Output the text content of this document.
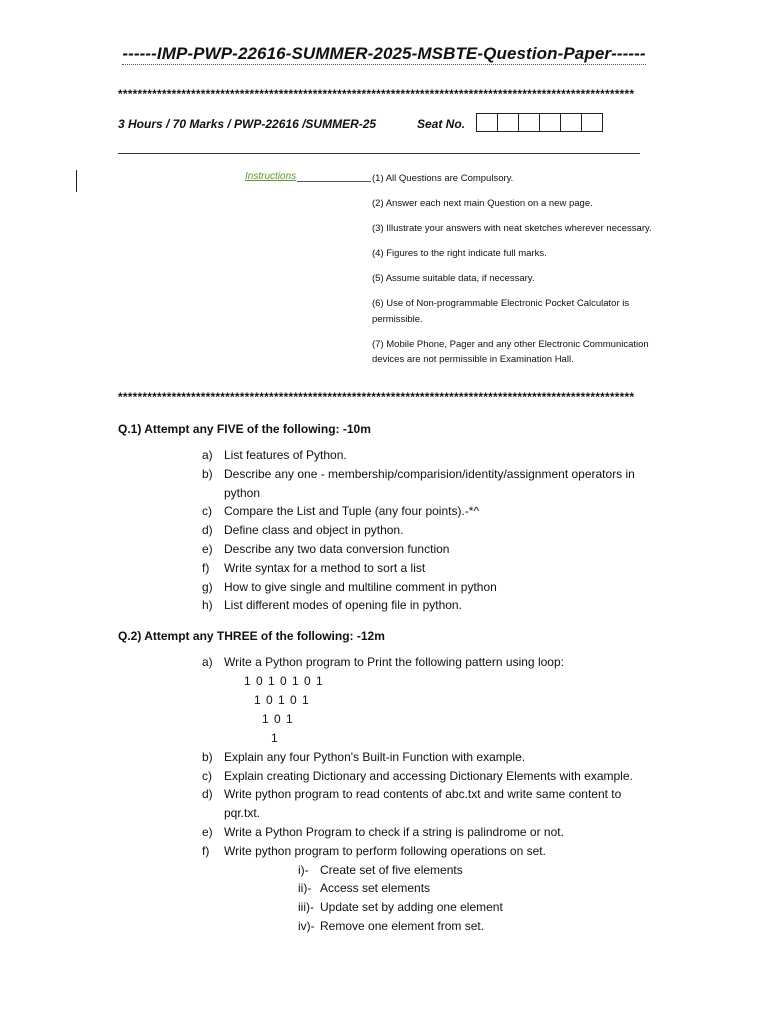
------IMP-PWP-22616-SUMMER-2025-MSBTE-Question-Paper------
**********************************************************************************************************
3 Hours / 70 Marks / PWP-22616 /SUMMER-25	Seat No.
Instructions	(1) All Questions are Compulsory.
(2) Answer each next main Question on a new page.
(3) Illustrate your answers with neat sketches wherever necessary.
(4) Figures to the right indicate full marks.
(5) Assume suitable data, if necessary.
(6) Use of Non-programmable Electronic Pocket Calculator is permissible.
(7) Mobile Phone, Pager and any other Electronic Communication devices are not permissible in Examination Hall.
**********************************************************************************************************
Q.1) Attempt any FIVE of the following: -10m
a) List features of Python.
b) Describe any one - membership/comparision/identity/assignment operators in python
c)	Compare the List and Tuple (any four points).-*^
d) Define class and object in python.
e) Describe any two data conversion function
f)	Write syntax for a method to sort a list
g) How to give single and multiline comment in python
h) List different modes of opening file in python.
Q.2) Attempt any THREE of the following: -12m
a) Write a Python program to Print the following pattern using loop:
1 0 1 0 1 0 1
1 0 1 0 1
1 0 1
1
b) Explain any four Python's Built-in Function with example.
c)	Explain creating Dictionary and accessing Dictionary Elements with example.
d) Write python program to read contents of abc.txt and write same content to pqr.txt.
e) Write a Python Program to check if a string is palindrome or not.
f)	Write python program to perform following operations on set.
i)- Create set of five elements
ii)- Access set elements
iii)- Update set by adding one element
iv)- Remove one element from set.
